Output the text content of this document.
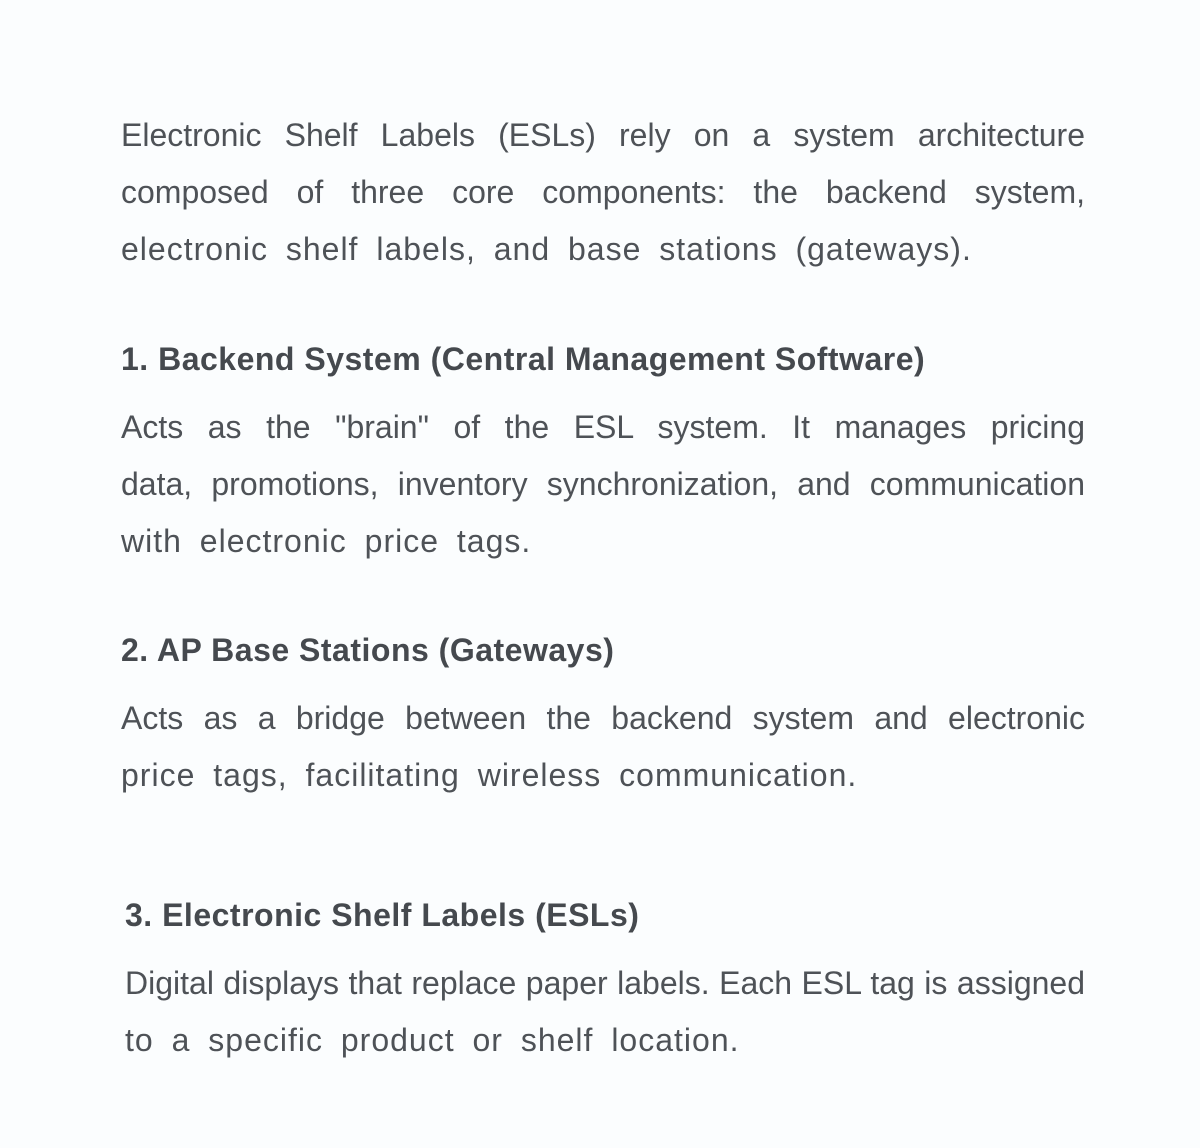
Electronic Shelf Labels (ESLs) rely on a system architecture
composed of three core components: the backend system,
electronic shelf labels, and base stations (gateways).

1. Backend System (Central Management Software)

Acts as the "brain" of the ESL system. It manages pricing
data, promotions, inventory synchronization, and communication
with electronic price tags.

2. AP Base Stations (Gateways)

Acts as a bridge between the backend system and electronic
price tags, facilitating wireless communication.

3. Electronic Shelf Labels (ESLs)

Digital displays that replace paper labels. Each ESL tag is assigned
to a specific product or shelf location.
